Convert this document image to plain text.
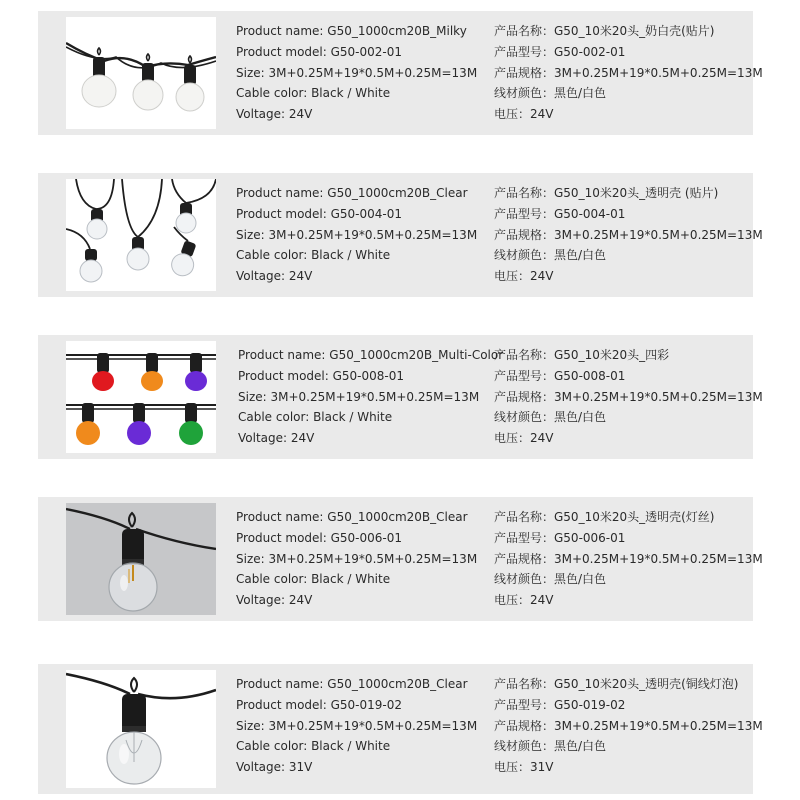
Product name: G50_1000cm20B_Milky
Product model: G50-002-01
Size: 3M+0.25M+19*0.5M+0.25M=13M
Cable color: Black / White
Voltage: 24V
产品名称：G50_10米20头_奶白壳(贴片)
产品型号：G50-002-01
产品规格：3M+0.25M+19*0.5M+0.25M=13M
线材颜色：黑色/白色
电压：24V
Product name: G50_1000cm20B_Clear
Product model: G50-004-01
Size: 3M+0.25M+19*0.5M+0.25M=13M
Cable color: Black / White
Voltage: 24V
产品名称：G50_10米20头_透明壳 (贴片)
产品型号：G50-004-01
产品规格：3M+0.25M+19*0.5M+0.25M=13M
线材颜色：黑色/白色
电压：24V
Product name: G50_1000cm20B_Multi-Color
Product model: G50-008-01
Size: 3M+0.25M+19*0.5M+0.25M=13M
Cable color: Black / White
Voltage: 24V
产品名称：G50_10米20头_四彩
产品型号：G50-008-01
产品规格：3M+0.25M+19*0.5M+0.25M=13M
线材颜色：黑色/白色
电压：24V
Product name: G50_1000cm20B_Clear
Product model: G50-006-01
Size: 3M+0.25M+19*0.5M+0.25M=13M
Cable color: Black / White
Voltage: 24V
产品名称：G50_10米20头_透明壳(灯丝)
产品型号：G50-006-01
产品规格：3M+0.25M+19*0.5M+0.25M=13M
线材颜色：黑色/白色
电压：24V
Product name: G50_1000cm20B_Clear
Product model: G50-019-02
Size: 3M+0.25M+19*0.5M+0.25M=13M
Cable color: Black / White
Voltage: 31V
产品名称：G50_10米20头_透明壳(铜线灯泡)
产品型号：G50-019-02
产品规格：3M+0.25M+19*0.5M+0.25M=13M
线材颜色：黑色/白色
电压：31V
